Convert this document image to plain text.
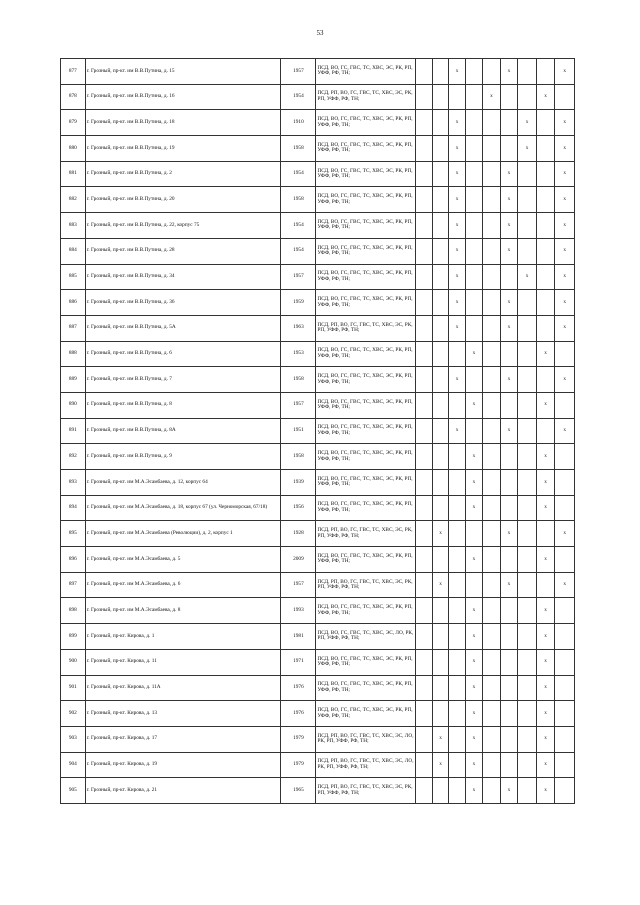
53
877	г. Грозный, пр-кт. им В.В.Путина, д. 15	1957	ПСД, ВО, ГС, ГВС, ТС, ХВС, ЭС, РК, РП, УФФ, РФ, ТН;			x			x			x
878	г. Грозный, пр-кт. им В.В.Путина, д. 16	1954	ПСД, РП, ВО, ГС, ГВС, ТС, ХВС, ЭС, РК, РП, УФФ, РФ, ТН;					x			x	
879	г. Грозный, пр-кт. им В.В.Путина, д. 18	1910	ПСД, ВО, ГС, ГВС, ТС, ХВС, ЭС, РК, РП, УФФ, РФ, ТН;			x				x		x
880	г. Грозный, пр-кт. им В.В.Путина, д. 19	1958	ПСД, ВО, ГС, ГВС, ТС, ХВС, ЭС, РК, РП, УФФ, РФ, ТН;			x				x		x
881	г. Грозный, пр-кт. им В.В.Путина, д. 2	1954	ПСД, ВО, ГС, ГВС, ТС, ХВС, ЭС, РК, РП, УФФ, РФ, ТН;			x			x			x
882	г. Грозный, пр-кт. им В.В.Путина, д. 20	1958	ПСД, ВО, ГС, ГВС, ТС, ХВС, ЭС, РК, РП, УФФ, РФ, ТН;			x			x			x
883	г. Грозный, пр-кт. им В.В.Путина, д. 22, корпус 75	1954	ПСД, ВО, ГС, ГВС, ТС, ХВС, ЭС, РК, РП, УФФ, РФ, ТН;			x			x			x
884	г. Грозный, пр-кт. им В.В.Путина, д. 28	1954	ПСД, ВО, ГС, ГВС, ТС, ХВС, ЭС, РК, РП, УФФ, РФ, ТН;			x			x			x
885	г. Грозный, пр-кт. им В.В.Путина, д. 34	1957	ПСД, ВО, ГС, ГВС, ТС, ХВС, ЭС, РК, РП, УФФ, РФ, ТН;			x				x		x
886	г. Грозный, пр-кт. им В.В.Путина, д. 36	1959	ПСД, ВО, ГС, ГВС, ТС, ХВС, ЭС, РК, РП, УФФ, РФ, ТН;			x			x			x
887	г. Грозный, пр-кт. им В.В.Путина, д. 5А	1963	ПСД, РП, ВО, ГС, ГВС, ТС, ХВС, ЭС, РК, РП, УФФ, РФ, ТН;			x			x			x
888	г. Грозный, пр-кт. им В.В.Путина, д. 6	1953	ПСД, ВО, ГС, ГВС, ТС, ХВС, ЭС, РК, РП, УФФ, РФ, ТН;				x				x	
889	г. Грозный, пр-кт. им В.В.Путина, д. 7	1958	ПСД, ВО, ГС, ГВС, ТС, ХВС, ЭС, РК, РП, УФФ, РФ, ТН;			x			x			x
890	г. Грозный, пр-кт. им В.В.Путина, д. 8	1957	ПСД, ВО, ГС, ГВС, ТС, ХВС, ЭС, РК, РП, УФФ, РФ, ТН;				x				x	
891	г. Грозный, пр-кт. им В.В.Путина, д. 8А	1951	ПСД, ВО, ГС, ГВС, ТС, ХВС, ЭС, РК, РП, УФФ, РФ, ТН;			x			x			x
892	г. Грозный, пр-кт. им В.В.Путина, д. 9	1958	ПСД, ВО, ГС, ГВС, ТС, ХВС, ЭС, РК, РП, УФФ, РФ, ТН;				x				x	
893	г. Грозный, пр-кт. им М.А.Эсамбаева, д. 12, корпус 64	1939	ПСД, ВО, ГС, ГВС, ТС, ХВС, ЭС, РК, РП, УФФ, РФ, ТН;				x				x	
894	г. Грозный, пр-кт. им М.А.Эсамбаева, д. 18, корпус 67 (ул. Черноморская, 67/18)	1956	ПСД, ВО, ГС, ГВС, ТС, ХВС, ЭС, РК, РП, УФФ, РФ, ТН;				x				x	
895	г. Грозный, пр-кт. им М.А.Эсамбаева (Революции), д. 2, корпус 1	1928	ПСД, РП, ВО, ГС, ГВС, ТС, ХВС, ЭС, РК, РП, УФФ, РФ, ТН;		x				x			x
896	г. Грозный, пр-кт. им М.А.Эсамбаева, д. 5	2009	ПСД, ВО, ГС, ГВС, ТС, ХВС, ЭС, РК, РП, УФФ, РФ, ТН;				x				x	
897	г. Грозный, пр-кт. им М.А.Эсамбаева, д. 6	1957	ПСД, РП, ВО, ГС, ГВС, ТС, ХВС, ЭС, РК, РП, УФФ, РФ, ТН;		x				x			x
898	г. Грозный, пр-кт. им М.А.Эсамбаева, д. 8	1993	ПСД, ВО, ГС, ГВС, ТС, ХВС, ЭС, РК, РП, УФФ, РФ, ТН;				x				x	
899	г. Грозный, пр-кт. Кирова, д. 1	1981	ПСД, ВО, ГС, ГВС, ТС, ХВС, ЭС, ЛО, РК, РП, УФФ, РФ, ТН;				x				x	
900	г. Грозный, пр-кт. Кирова, д. 11	1971	ПСД, ВО, ГС, ГВС, ТС, ХВС, ЭС, РК, РП, УФФ, РФ, ТН;				x				x	
901	г. Грозный, пр-кт. Кирова, д. 11А	1976	ПСД, ВО, ГС, ГВС, ТС, ХВС, ЭС, РК, РП, УФФ, РФ, ТН;				x				x	
902	г. Грозный, пр-кт. Кирова, д. 13	1976	ПСД, ВО, ГС, ГВС, ТС, ХВС, ЭС, РК, РП, УФФ, РФ, ТН;				x				x	
903	г. Грозный, пр-кт. Кирова, д. 17	1979	ПСД, РП, ВО, ГС, ГВС, ТС, ХВС, ЭС, ЛО, РК, РП, УФФ, РФ, ТН;		x		x				x	
904	г. Грозный, пр-кт. Кирова, д. 19	1979	ПСД, РП, ВО, ГС, ГВС, ТС, ХВС, ЭС, ЛО, РК, РП, УФФ, РФ, ТН;		x		x				x	
905	г. Грозный, пр-кт. Кирова, д. 21	1965	ПСД, РП, ВО, ГС, ГВС, ТС, ХВС, ЭС, РК, РП, УФФ, РФ, ТН;				x		x		x	
